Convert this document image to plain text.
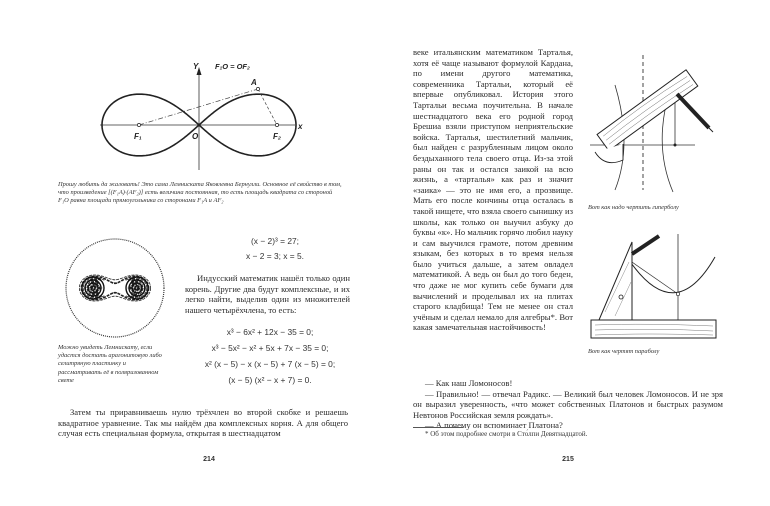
Y
x
F₁O = OF₂
A
F₁	F₂
O
Прошу любить да жаловать! Это сама Лемниската Яковлевна Бернулли. Основное её свойство в том, что произведение [(F₁A)·(AF₂)] есть величина постоянная, то есть площадь квадрата со стороной F₁O равна площади прямоугольника со сторонами F₁A и AF₂
Можно увидеть Лемнискату, если удастся достать арагонитовую либо селитряную пластинку и рассматривать её в поляризованном свете
(x − 2)³ = 27;
x − 2 = 3; x = 5.
Индусский математик нашёл только один корень. Другие два будут комплексные, и их легко найти, выделив один из множителей нашего четырёхчлена, то есть:
x³ − 6x² + 12x − 35 = 0;
x³ − 5x² − x² + 5x + 7x − 35 = 0;
x² (x − 5) − x (x − 5) + 7 (x − 5) = 0;
(x − 5) (x² − x + 7) = 0.
Затем ты приравниваешь нулю трёхчлен во второй скобке и решаешь квадратное уравнение. Так мы найдём два комплексных корня. А для общего случая есть специальная формула, открытая в шестнадцатом
214
веке итальянским математиком Тарталья, хотя её чаще называют формулой Кардана, по имени другого математика, современника Тартальи, который её впервые опубликовал. История этого Тартальи весьма поучительна. В начале шестнадцатого века его родной город Брешиа взяли приступом неприятельские войска. Тарталья, шестилетний мальчик, был найден с разрубленным лицом около бездыханного тела своего отца. Из-за этой раны он так и остался заикой на всю жизнь, а «тарталья» как раз и значит «заика» — это не имя его, а прозвище. Мать его после кончины отца осталась в такой нищете, что взяла своего сынишку из школы, как только он выучил азбуку до буквы «к». Но мальчик горячо любил науку и сам выучился грамоте, потом древним языкам, без которых в то время нельзя было учиться дальше, а затем овладел математикой. А ведь он был до того беден, что даже не мог купить себе бумаги для вычислений и проделывал их на плитах старого кладбища! Тем не менее он стал учёным и сделал немало для алгебры*. Вот какая замечательная настойчивость!

— Как наш Ломоносов!

— Правильно! — отвечал Радикс. — Великий был человек Ломоносов. И не зря он выразил уверенность, «что может собственных Платонов и быстрых разумом Невтонов Российская земля рождать».

— А почему он вспоминает Платона?

* Об этом подробнее смотри в Сто́лпи Девятнадцатой.
215
Вот как надо чертить гиперболу
Вот как чертят параболу
